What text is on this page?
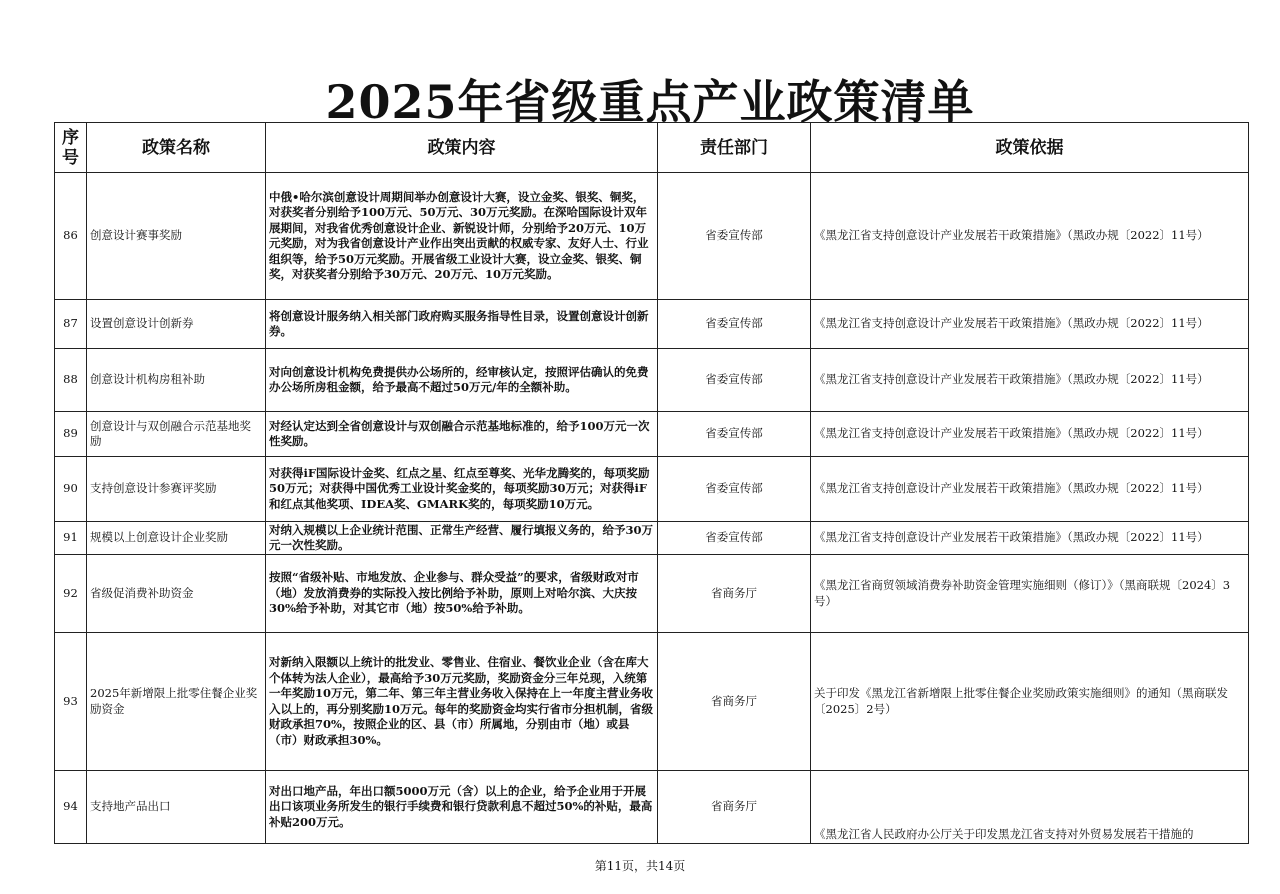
2025年省级重点产业政策清单
序号	政策名称	政策内容	责任部门	政策依据
86	创意设计赛事奖励	中俄•哈尔滨创意设计周期间举办创意设计大赛，设立金奖、银奖、铜奖，对获奖者分别给予100万元、50万元、30万元奖励。在深哈国际设计双年展期间，对我省优秀创意设计企业、新锐设计师，分别给予20万元、10万元奖励，对为我省创意设计产业作出突出贡献的权威专家、友好人士、行业组织等，给予50万元奖励。开展省级工业设计大赛，设立金奖、银奖、铜奖，对获奖者分别给予30万元、20万元、10万元奖励。	省委宣传部	《黑龙江省支持创意设计产业发展若干政策措施》（黑政办规〔2022〕11号）
87	设置创意设计创新券	将创意设计服务纳入相关部门政府购买服务指导性目录，设置创意设计创新券。	省委宣传部	《黑龙江省支持创意设计产业发展若干政策措施》（黑政办规〔2022〕11号）
88	创意设计机构房租补助	对向创意设计机构免费提供办公场所的，经审核认定，按照评估确认的免费办公场所房租金额，给予最高不超过50万元/年的全额补助。	省委宣传部	《黑龙江省支持创意设计产业发展若干政策措施》（黑政办规〔2022〕11号）
89	创意设计与双创融合示范基地奖励	对经认定达到全省创意设计与双创融合示范基地标准的，给予100万元一次性奖励。	省委宣传部	《黑龙江省支持创意设计产业发展若干政策措施》（黑政办规〔2022〕11号）
90	支持创意设计参赛评奖励	对获得iF国际设计金奖、红点之星、红点至尊奖、光华龙腾奖的，每项奖励50万元；对获得中国优秀工业设计奖金奖的，每项奖励30万元；对获得iF和红点其他奖项、IDEA奖、GMARK奖的，每项奖励10万元。	省委宣传部	《黑龙江省支持创意设计产业发展若干政策措施》（黑政办规〔2022〕11号）
91	规模以上创意设计企业奖励	对纳入规模以上企业统计范围、正常生产经营、履行填报义务的，给予30万元一次性奖励。	省委宣传部	《黑龙江省支持创意设计产业发展若干政策措施》（黑政办规〔2022〕11号）
92	省级促消费补助资金	按照“省级补贴、市地发放、企业参与、群众受益”的要求，省级财政对市（地）发放消费券的实际投入按比例给予补助，原则上对哈尔滨、大庆按30%给予补助，对其它市（地）按50%给予补助。	省商务厅	《黑龙江省商贸领域消费券补助资金管理实施细则（修订）》（黑商联规〔2024〕3号）
93	2025年新增限上批零住餐企业奖励资金	对新纳入限额以上统计的批发业、零售业、住宿业、餐饮业企业（含在库大个体转为法人企业），最高给予30万元奖励，奖励资金分三年兑现，入统第一年奖励10万元，第二年、第三年主营业务收入保持在上一年度主营业务收入以上的，再分别奖励10万元。每年的奖励资金均实行省市分担机制，省级财政承担70%，按照企业的区、县（市）所属地，分别由市（地）或县（市）财政承担30%。	省商务厅	关于印发《黑龙江省新增限上批零住餐企业奖励政策实施细则》的通知（黑商联发〔2025〕2号）
94	支持地产品出口	对出口地产品，年出口额5000万元（含）以上的企业，给予企业用于开展出口该项业务所发生的银行手续费和银行贷款利息不超过50%的补贴，最高补贴200万元。	省商务厅	《黑龙江省人民政府办公厅关于印发黑龙江省支持对外贸易发展若干措施的
第11页，共14页
